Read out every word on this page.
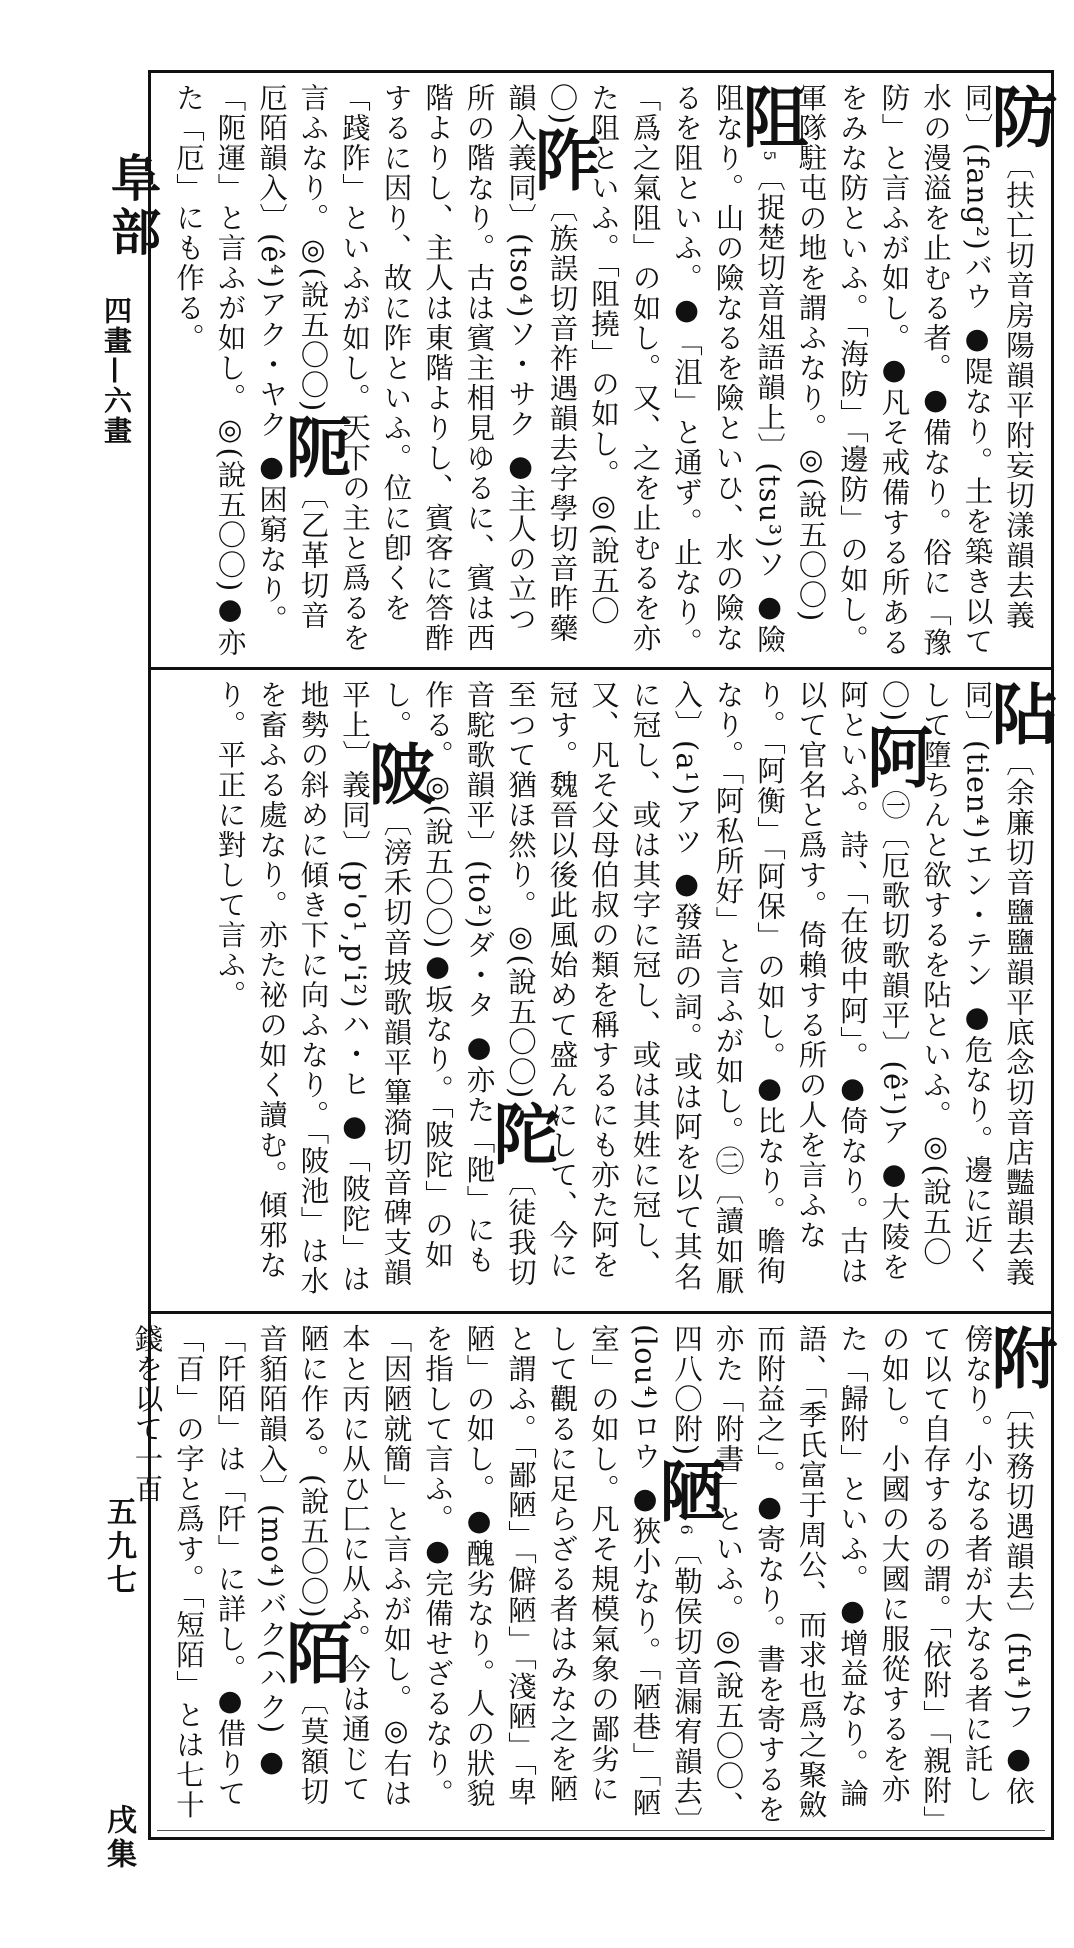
阜部
四畫—六畫
五九七
戌集
防〔扶亡切音房陽韻平附妄切漾韻去義同〕(fang²)バウ ●隄なり。土を築き以て水の漫溢を止むる者。●備なり。俗に「豫防」と言ふが如し。●凡そ戒備する所あるをみな防といふ。「海防」「邊防」の如し。軍隊駐屯の地を謂ふなり。◎(說五〇〇)阻$^5$〔捉楚切音俎語韻上〕(tsu³)ソ ●險阻なり。山の險なるを險といひ、水の險なるを阻といふ。●「沮」と通ず。止なり。「爲之氣阻」の如し。又、之を止むるを亦た阻といふ。「阻撓」の如し。◎(說五〇〇)阼〔族誤切音祚遇韻去字學切音昨藥韻入義同〕(tso⁴)ソ・サク ●主人の立つ所の階なり。古は賓主相見ゆるに、賓は西階よりし、主人は東階よりし、賓客に答酢するに因り、故に阼といふ。位に卽くを「踐阼」といふが如し。天下の主と爲るを言ふなり。◎(說五〇〇)阨〔乙革切音厄陌韻入〕(ê⁴)アク・ヤク ●困窮なり。「阨運」と言ふが如し。◎(說五〇〇)●亦た「厄」にも作る。
阽〔余廉切音鹽鹽韻平底念切音店豔韻去義同〕(tien⁴)エン・テン ●危なり。邊に近くして墮ちんと欲するを阽といふ。◎(說五〇〇)阿㊀〔厄歌切歌韻平〕(ê¹)ア ●大陵を阿といふ。詩、「在彼中阿」。●倚なり。古は以て官名と爲す。倚賴する所の人を言ふなり。「阿衡」「阿保」の如し。●比なり。曕徇なり。「阿私所好」と言ふが如し。㊁〔讀如厭入〕(a¹)アツ ●發語の詞。或は阿を以て其名に冠し、或は其字に冠し、或は其姓に冠し、又、凡そ父母伯叔の類を稱するにも亦た阿を冠す。魏晉以後此風始めて盛んにして、今に至つて猶ほ然り。◎(說五〇〇)陀〔徒我切音駝歌韻平〕(to²)ダ・タ ●亦た「阤」にも作る。◎(說五〇〇)●坂なり。「陂陀」の如し。陂〔滂禾切音坡歌韻平篳漪切音碑支韻平上〕義同〕(p'o¹,p'i²)ハ・ヒ ●「陂陀」は地勢の斜めに傾き下に向ふなり。「陂池」は水を畜ふる處なり。亦た祕の如く讀む。傾邪なり。平正に對して言ふ。
附〔扶務切遇韻去〕(fu⁴)フ ●依傍なり。小なる者が大なる者に託して以て自存するの謂。「依附」「親附」の如し。小國の大國に服從するを亦た「歸附」といふ。●增益なり。論語、「季氏富于周公、而求也爲之聚斂而附益之」。●寄なり。書を寄するを亦た「附書」といふ。◎(說五〇〇、四八〇附)陋$^6$〔勒侯切音漏宥韻去〕(lou⁴)ロウ ●狹小なり。「陋巷」「陋室」の如し。凡そ規模氣象の鄙劣にして觀るに足らざる者はみな之を陋と謂ふ。「鄙陋」「僻陋」「淺陋」「卑陋」の如し。●醜劣なり。人の狀貌を指して言ふ。●完備せざるなり。「因陋就簡」と言ふが如し。◎右は本と丙に从ひ匚に从ふ。今は通じて陋に作る。(說五〇〇)陌〔莫額切音貊陌韻入〕(mo⁴)バク(ハク) ●「阡陌」は「阡」に詳し。●借りて「百」の字と爲す。「短陌」とは七十錢を以て一百
